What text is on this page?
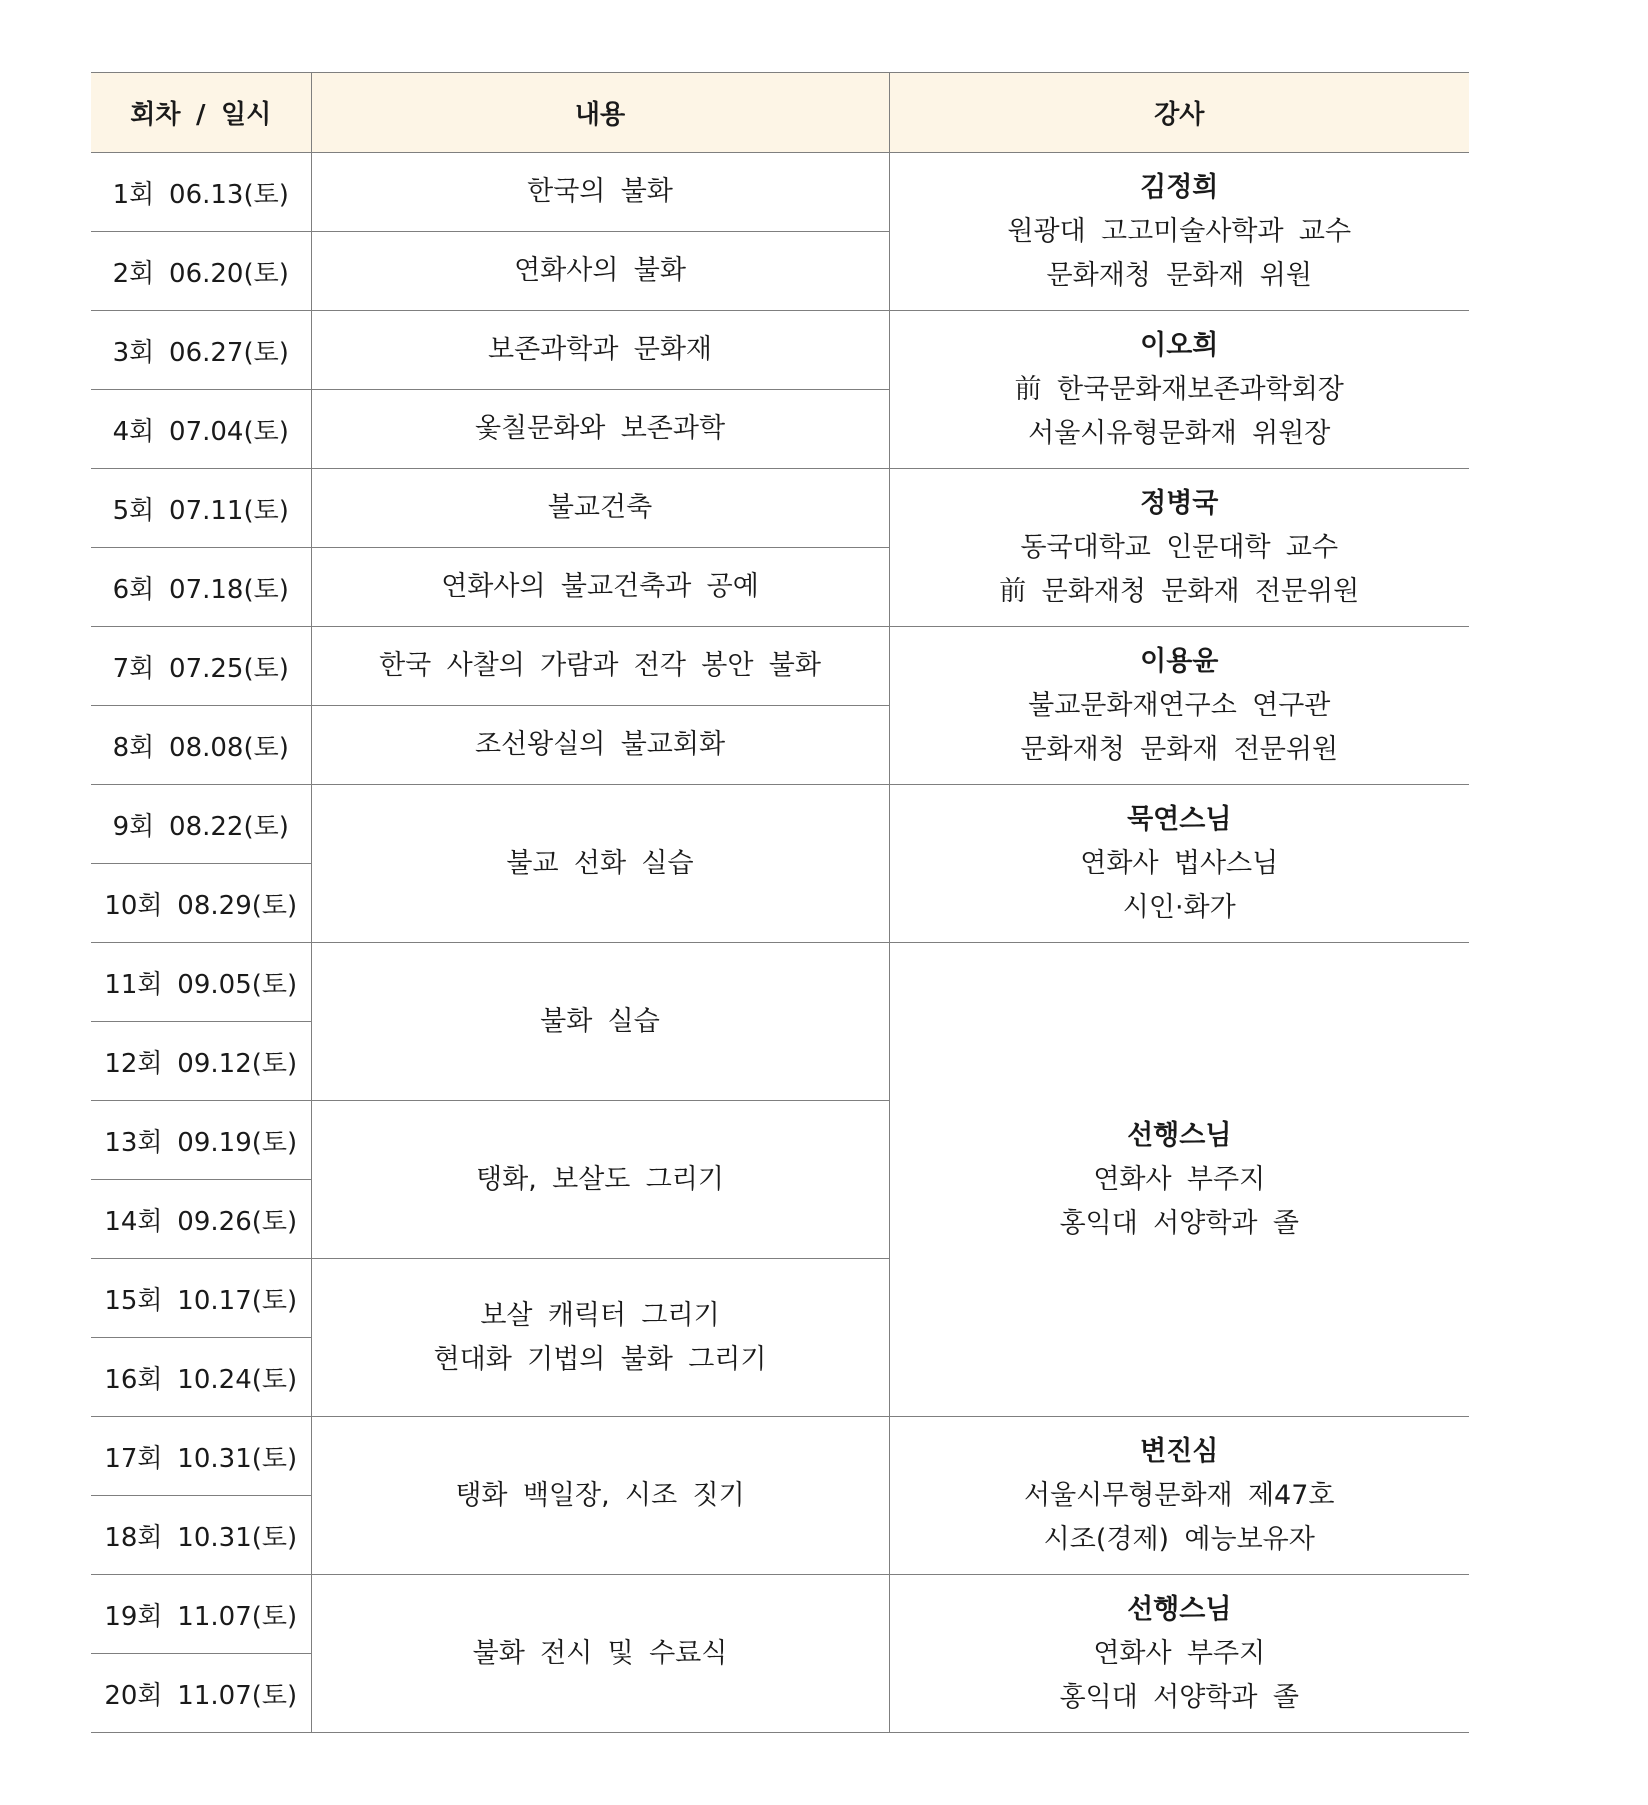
회차 / 일시	내용	강사
1회 06.13(토)	한국의 불화	김정희
원광대 고고미술사학과 교수
문화재청 문화재 위원

2회 06.20(토)	연화사의 불화	

3회 06.27(토)	보존과학과 문화재	이오희
前 한국문화재보존과학회장
서울시유형문화재 위원장

4회 07.04(토)	옻칠문화와 보존과학	

5회 07.11(토)	불교건축	정병국
동국대학교 인문대학 교수
前 문화재청 문화재 전문위원

6회 07.18(토)	연화사의 불교건축과 공예	

7회 07.25(토)	한국 사찰의 가람과 전각 봉안 불화	이용윤
불교문화재연구소 연구관
문화재청 문화재 전문위원

8회 08.08(토)	조선왕실의 불교회화	

9회 08.22(토)	불교 선화 실습	묵연스님
연화사 법사스님
시인·화가

10회 08.29(토)		
11회 09.05(토)	불화 실습	선행스님
연화사 부주지
홍익대 서양학과 졸

12회 09.12(토)		
13회 09.19(토)	탱화, 보살도 그리기	

14회 09.26(토)		
15회 10.17(토)	보살 캐릭터 그리기
현대화 기법의 불화 그리기	

16회 10.24(토)		
17회 10.31(토)	탱화 백일장, 시조 짓기	변진심
서울시무형문화재 제47호
시조(경제) 예능보유자

18회 10.31(토)		
19회 11.07(토)	불화 전시 및 수료식	선행스님
연화사 부주지
홍익대 서양학과 졸

20회 11.07(토)		
